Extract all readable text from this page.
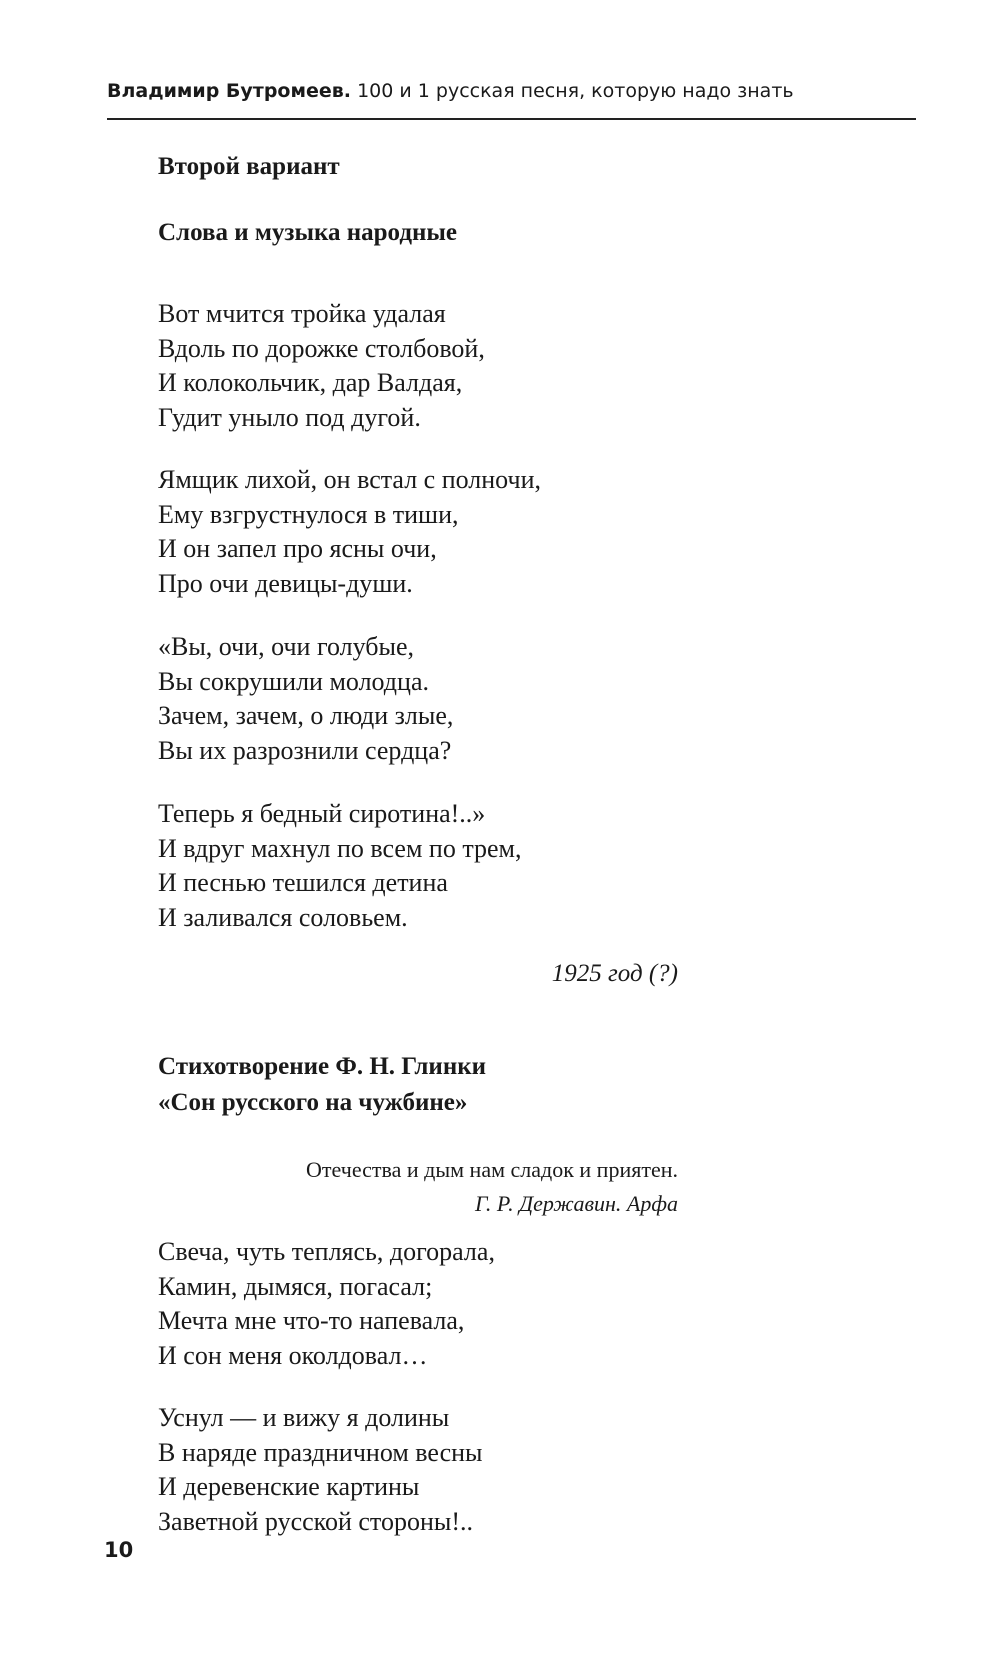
Владимир Бутромеев. 100 и 1 русская песня, которую надо знать
Второй вариант
Слова и музыка народные
Вот мчится тройка удалая
Вдоль по дорожке столбовой,
И колокольчик, дар Валдая,
Гудит уныло под дугой.
Ямщик лихой, он встал с полночи,
Ему взгрустнулося в тиши,
И он запел про ясны очи,
Про очи девицы-души.
«Вы, очи, очи голубые,
Вы сокрушили молодца.
Зачем, зачем, о люди злые,
Вы их разрознили сердца?
Теперь я бедный сиротина!..»
И вдруг махнул по всем по трем,
И песнью тешился детина
И заливался соловьем.
1925 год (?)
Стихотворение Ф. Н. Глинки
«Сон русского на чужбине»
Отечества и дым нам сладок и приятен.
Г. Р. Державин. Арфа
Свеча, чуть теплясь, догорала,
Камин, дымяся, погасал;
Мечта мне что-то напевала,
И сон меня околдовал…
Уснул — и вижу я долины
В наряде праздничном весны
И деревенские картины
Заветной русской стороны!..
10
